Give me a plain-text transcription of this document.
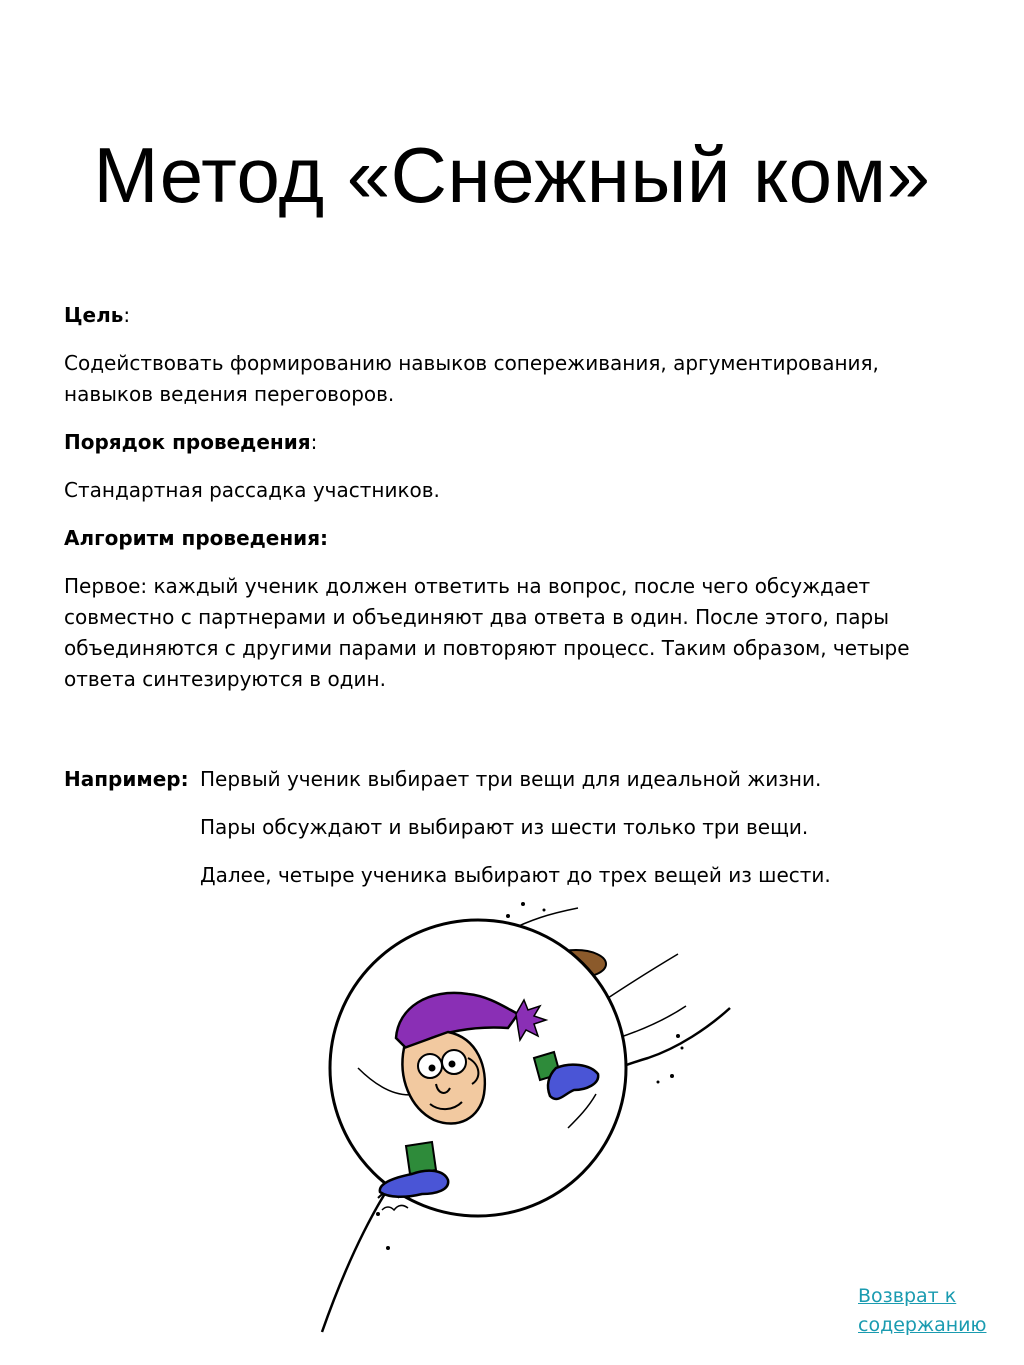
Метод «Снежный ком»

Цель:

Содействовать формированию навыков сопереживания, аргументирования, навыков ведения переговоров.

Порядок проведения:

Стандартная рассадка участников.

Алгоритм проведения:

Первое: каждый ученик должен ответить на вопрос, после чего обсуждает совместно с партнерами и объединяют два ответа в один. После этого, пары объединяются с другими парами и повторяют процесс. Таким образом, четыре ответа синтезируются в один.

Например: Первый ученик выбирает три вещи для идеальной жизни.
Пары обсуждают и выбирают из шести только три вещи.
Далее, четыре ученика выбирают до трех вещей из шести.
Возврат к содержанию
